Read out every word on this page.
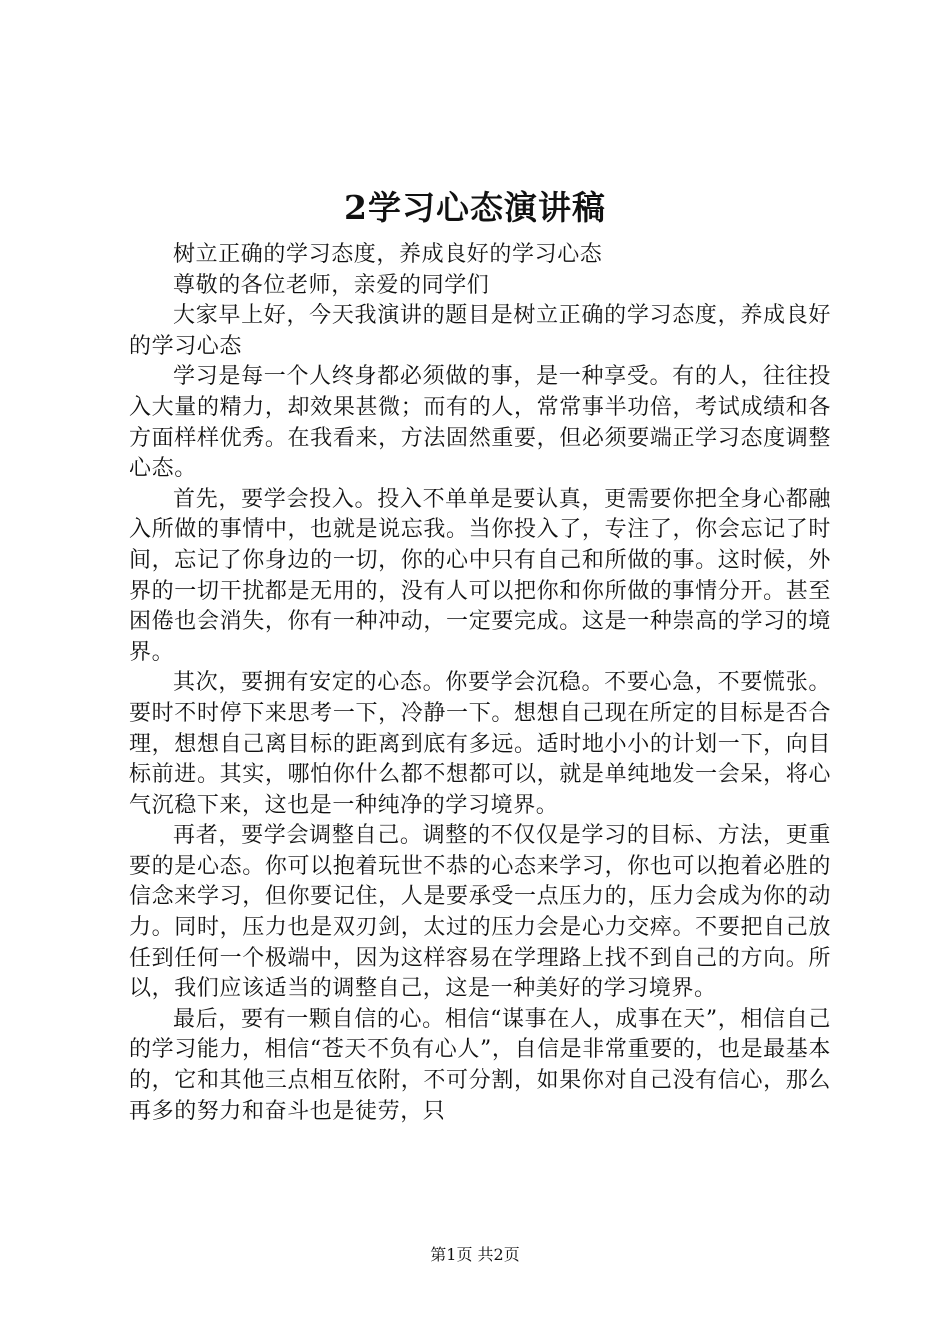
2学习心态演讲稿

树立正确的学习态度，养成良好的学习心态

尊敬的各位老师，亲爱的同学们

大家早上好，今天我演讲的题目是树立正确的学习态度，养成良好的学习心态

学习是每一个人终身都必须做的事，是一种享受。有的人，往往投入大量的精力，却效果甚微；而有的人，常常事半功倍，考试成绩和各方面样样优秀。在我看来，方法固然重要，但必须要端正学习态度调整心态。

首先，要学会投入。投入不单单是要认真，更需要你把全身心都融入所做的事情中，也就是说忘我。当你投入了，专注了，你会忘记了时间，忘记了你身边的一切，你的心中只有自己和所做的事。这时候，外界的一切干扰都是无用的，没有人可以把你和你所做的事情分开。甚至困倦也会消失，你有一种冲动，一定要完成。这是一种崇高的学习的境界。

其次，要拥有安定的心态。你要学会沉稳。不要心急，不要慌张。要时不时停下来思考一下，冷静一下。想想自己现在所定的目标是否合理，想想自己离目标的距离到底有多远。适时地小小的计划一下，向目标前进。其实，哪怕你什么都不想都可以，就是单纯地发一会呆，将心气沉稳下来，这也是一种纯净的学习境界。

再者，要学会调整自己。调整的不仅仅是学习的目标、方法，更重要的是心态。你可以抱着玩世不恭的心态来学习，你也可以抱着必胜的信念来学习，但你要记住，人是要承受一点压力的，压力会成为你的动力。同时，压力也是双刃剑，太过的压力会是心力交瘁。不要把自己放任到任何一个极端中，因为这样容易在学理路上找不到自己的方向。所以，我们应该适当的调整自己，这是一种美好的学习境界。

最后，要有一颗自信的心。相信“谋事在人，成事在天”，相信自己的学习能力，相信“苍天不负有心人”，自信是非常重要的，也是最基本的，它和其他三点相互依附，不可分割，如果你对自己没有信心，那么再多的努力和奋斗也是徒劳，只

第1页 共2页
